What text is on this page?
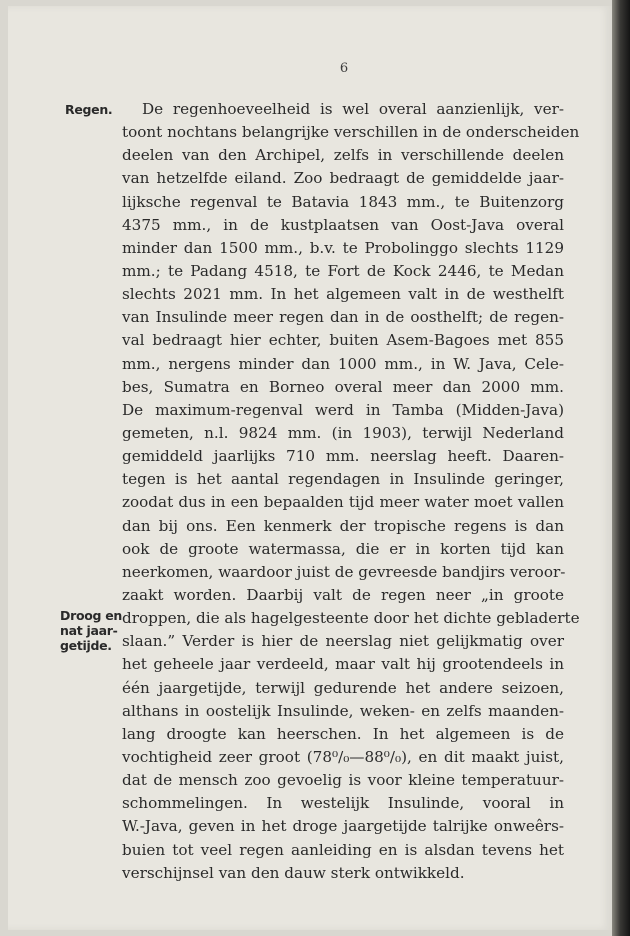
6
Regen.
Droog en
nat jaar-
getijde.
De regenhoeveelheid is wel overal aanzienlijk, ver-
toont nochtans belangrijke verschillen in de onderscheiden
deelen van den Archipel, zelfs in verschillende deelen
van hetzelfde eiland. Zoo bedraagt de gemiddelde jaar-
lijksche regenval te Batavia 1843 mm., te Buitenzorg
4375 mm., in de kustplaatsen van Oost-Java overal
minder dan 1500 mm., b.v. te Probolinggo slechts 1129
mm.; te Padang 4518, te Fort de Kock 2446, te Medan
slechts 2021 mm. In het algemeen valt in de westhelft
van Insulinde meer regen dan in de oosthelft; de regen-
val bedraagt hier echter, buiten Asem-Bagoes met 855
mm., nergens minder dan 1000 mm., in W. Java, Cele-
bes, Sumatra en Borneo overal meer dan 2000 mm.
De maximum-regenval werd in Tamba (Midden-Java)
gemeten, n.l. 9824 mm. (in 1903), terwijl Nederland
gemiddeld jaarlijks 710 mm. neerslag heeft. Daaren-
tegen is het aantal regendagen in Insulinde geringer,
zoodat dus in een bepaalden tijd meer water moet vallen
dan bij ons. Een kenmerk der tropische regens is dan
ook de groote watermassa, die er in korten tijd kan
neerkomen, waardoor juist de gevreesde bandjirs veroor-
zaakt worden. Daarbij valt de regen neer „in groote
droppen, die als hagelgesteente door het dichte gebladerte
slaan.” Verder is hier de neerslag niet gelijkmatig over
het geheele jaar verdeeld, maar valt hij grootendeels in
één jaargetijde, terwijl gedurende het andere seizoen,
althans in oostelijk Insulinde, weken- en zelfs maanden-
lang droogte kan heerschen. In het algemeen is de
vochtigheid zeer groot (78⁰/₀—88⁰/₀), en dit maakt juist,
dat de mensch zoo gevoelig is voor kleine temperatuur-
schommelingen. In westelijk Insulinde, vooral in
W.-Java, geven in het droge jaargetijde talrijke onweêrs-
buien tot veel regen aanleiding en is alsdan tevens het
verschijnsel van den dauw sterk ontwikkeld.
